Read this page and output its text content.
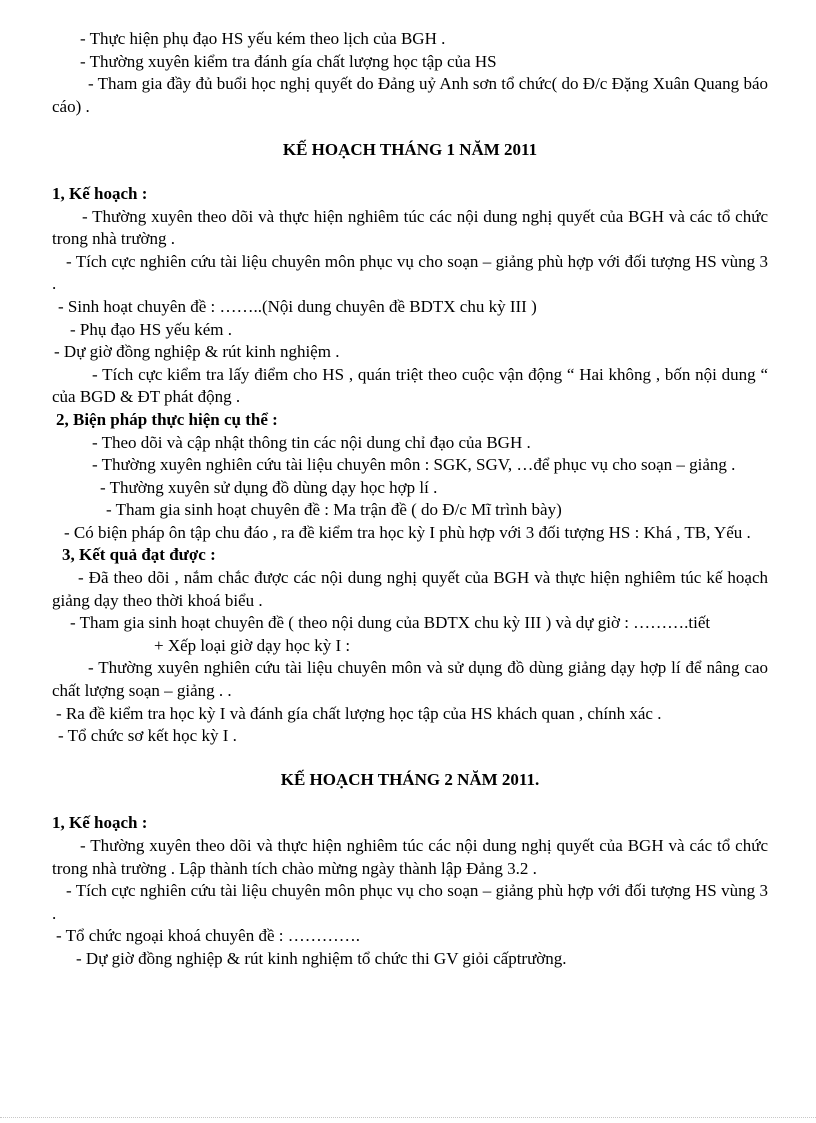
- Thực hiện phụ đạo HS yếu kém theo lịch của BGH .

- Thường xuyên kiểm tra đánh gía chất lượng học tập của HS

- Tham gia đầy đủ buổi học nghị quyết do Đảng uỷ Anh sơn tổ chức( do Đ/c Đặng Xuân Quang báo cáo) .

KẾ HOẠCH THÁNG 1 NĂM 2011

1, Kế hoạch :

- Thường xuyên theo dõi và thực hiện nghiêm túc các nội dung nghị quyết của BGH và các tổ chức trong nhà trường .

- Tích cực nghiên cứu tài liệu chuyên môn phục vụ cho soạn – giảng phù hợp với đối tượng HS vùng 3 .

- Sinh hoạt chuyên đề : ……..(Nội dung chuyên đề BDTX chu kỳ III )

- Phụ đạo HS yếu kém .

- Dự giờ đồng nghiệp & rút kinh nghiệm .

- Tích cực kiểm tra lấy điểm cho HS , quán triệt theo cuộc vận động “ Hai không , bốn nội dung “ của BGD & ĐT phát động .

2, Biện pháp thực hiện cụ thể :

- Theo dõi và cập nhật thông tin các nội dung chỉ đạo của BGH .

- Thường xuyên nghiên cứu tài liệu chuyên môn : SGK, SGV, …để phục vụ cho soạn – giảng .

- Thường xuyên sử dụng đồ dùng dạy học hợp lí .

- Tham gia sinh hoạt chuyên đề : Ma trận đề ( do Đ/c Mĩ trình bày)

- Có biện pháp ôn tập chu đáo , ra đề kiểm tra học kỳ I phù hợp với 3 đối tượng HS : Khá , TB, Yếu .

3, Kết quả đạt được :

- Đã theo dõi , nắm chắc được các nội dung nghị quyết của BGH và thực hiện nghiêm túc kế hoạch giảng dạy theo thời khoá biểu .

- Tham gia sinh hoạt chuyên đề ( theo nội dung của BDTX chu kỳ III ) và dự giờ : ……….tiết

+ Xếp loại giờ dạy học kỳ I :

- Thường xuyên nghiên cứu tài liệu chuyên môn và sử dụng đồ dùng giảng dạy hợp lí để nâng cao chất lượng soạn – giảng . .

- Ra đề kiểm tra học kỳ I và đánh gía chất lượng học tập của HS khách quan , chính xác .

- Tổ chức sơ kết học kỳ I .

KẾ HOẠCH THÁNG 2 NĂM 2011.

1, Kế hoạch :

- Thường xuyên theo dõi và thực hiện nghiêm túc các nội dung nghị quyết của BGH và các tổ chức trong nhà trường . Lập thành tích chào mừng ngày thành lập Đảng 3.2 .

- Tích cực nghiên cứu tài liệu chuyên môn phục vụ cho soạn – giảng phù hợp với đối tượng HS vùng 3 .

- Tổ chức ngoại khoá chuyên đề : ………….

- Dự giờ đồng nghiệp & rút kinh nghiệm tổ chức thi GV giỏi cấptrường.
